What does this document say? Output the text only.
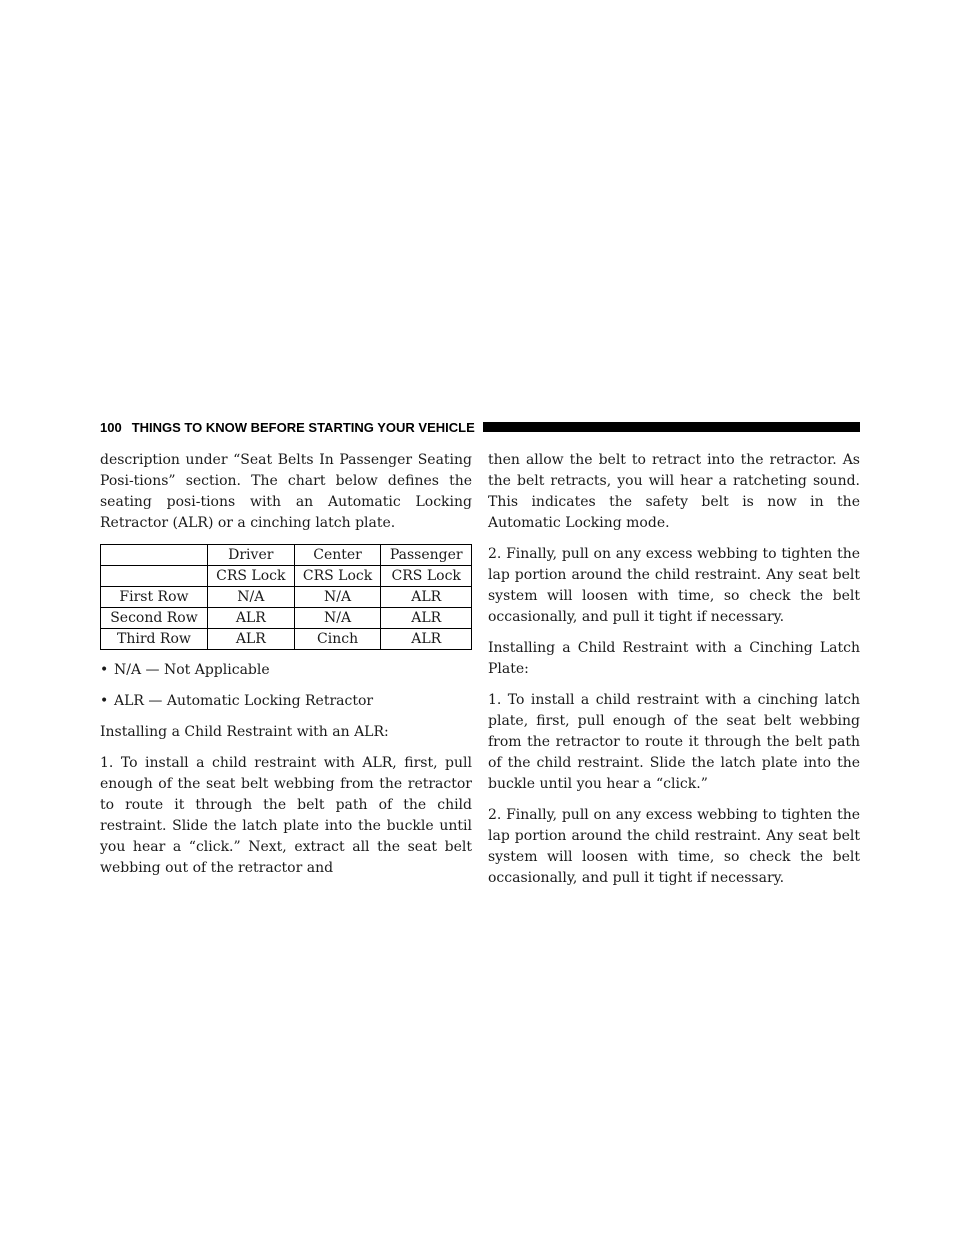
100 THINGS TO KNOW BEFORE STARTING YOUR VEHICLE

description under “Seat Belts In Passenger Seating Posi-tions” section. The chart below defines the seating posi-tions with an Automatic Locking Retractor (ALR) or a cinching latch plate.

	Driver	Center	Passenger
	CRS Lock	CRS Lock	CRS Lock
First Row	N/A	N/A	ALR
Second Row	ALR	N/A	ALR
Third Row	ALR	Cinch	ALR
• N/A — Not Applicable
• ALR — Automatic Locking Retractor

Installing a Child Restraint with an ALR:

1. To install a child restraint with ALR, first, pull enough of the seat belt webbing from the retractor to route it through the belt path of the child restraint. Slide the latch plate into the buckle until you hear a “click.” Next, extract all the seat belt webbing out of the retractor and

then allow the belt to retract into the retractor. As the belt retracts, you will hear a ratcheting sound. This indicates the safety belt is now in the Automatic Locking mode.

2. Finally, pull on any excess webbing to tighten the lap portion around the child restraint. Any seat belt system will loosen with time, so check the belt occasionally, and pull it tight if necessary.

Installing a Child Restraint with a Cinching Latch Plate:

1. To install a child restraint with a cinching latch plate, first, pull enough of the seat belt webbing from the retractor to route it through the belt path of the child restraint. Slide the latch plate into the buckle until you hear a “click.”

2. Finally, pull on any excess webbing to tighten the lap portion around the child restraint. Any seat belt system will loosen with time, so check the belt occasionally, and pull it tight if necessary.
